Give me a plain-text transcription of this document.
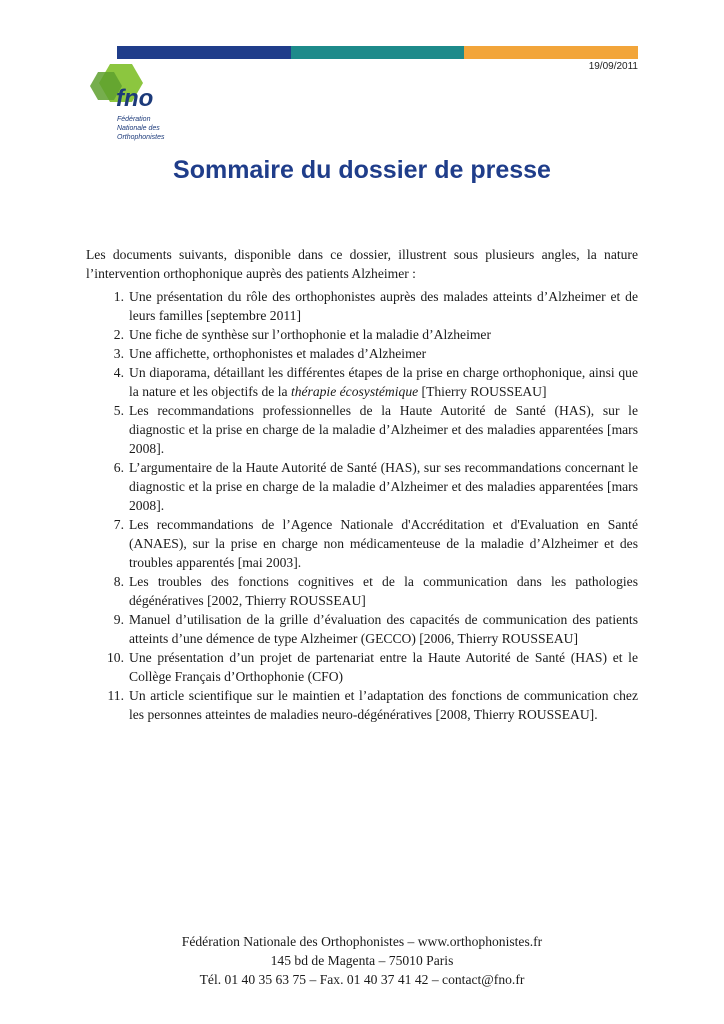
19/09/2011
fno
Fédération
Nationale des
Orthophonistes
Sommaire du dossier de presse

Les documents suivants, disponible dans ce dossier, illustrent sous plusieurs angles, la nature l’intervention orthophonique auprès des patients Alzheimer :

1. Une présentation du rôle des orthophonistes auprès des malades atteints d’Alzheimer et de leurs familles [septembre 2011]
2. Une fiche de synthèse sur l’orthophonie et la maladie d’Alzheimer
3. Une affichette, orthophonistes et malades d’Alzheimer
4. Un diaporama, détaillant les différentes étapes de la prise en charge orthophonique, ainsi que la nature et les objectifs de la thérapie écosystémique [Thierry ROUSSEAU]
5. Les recommandations professionnelles de la Haute Autorité de Santé (HAS), sur le diagnostic et la prise en charge de la maladie d’Alzheimer et des maladies apparentées [mars 2008].
6. L’argumentaire de la Haute Autorité de Santé (HAS), sur ses recommandations concernant le diagnostic et la prise en charge de la maladie d’Alzheimer et des maladies apparentées [mars 2008].
7. Les recommandations de l’Agence Nationale d'Accréditation et d'Evaluation en Santé (ANAES), sur la prise en charge non médicamenteuse de la maladie d’Alzheimer et des troubles apparentés [mai 2003].
8. Les troubles des fonctions cognitives et de la communication dans les pathologies dégénératives [2002, Thierry ROUSSEAU]
9. Manuel d’utilisation de la grille d’évaluation des capacités de communication des patients atteints d’une démence de type Alzheimer (GECCO) [2006, Thierry ROUSSEAU]
10. Une présentation d’un projet de partenariat entre la Haute Autorité de Santé (HAS) et le Collège Français d’Orthophonie (CFO)
11. Un article scientifique sur le maintien et l’adaptation des fonctions de communication chez les personnes atteintes de maladies neuro-dégénératives [2008, Thierry ROUSSEAU].
Fédération Nationale des Orthophonistes – www.orthophonistes.fr
145 bd de Magenta – 75010 Paris
Tél. 01 40 35 63 75 – Fax. 01 40 37 41 42 – contact@fno.fr
